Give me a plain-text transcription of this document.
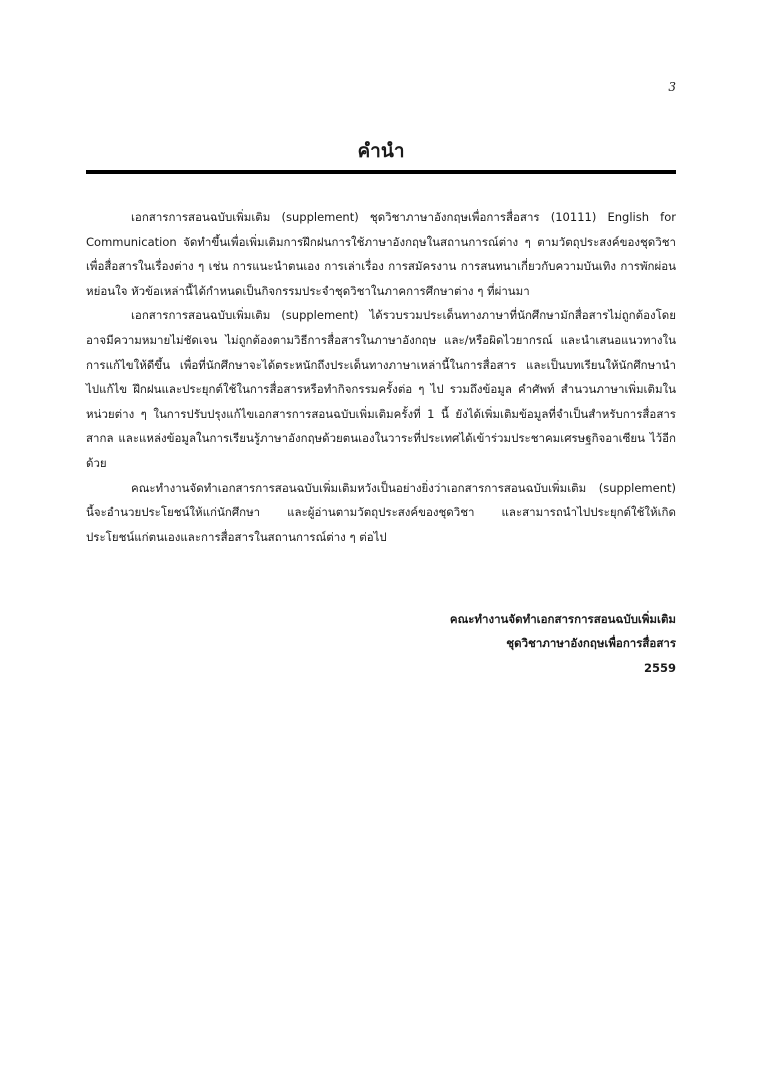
3
คำนำ

เอกสารการสอนฉบับเพิ่มเติม (supplement) ชุดวิชาภาษาอังกฤษเพื่อการสื่อสาร (10111) English for Communication จัดทำขึ้นเพื่อเพิ่มเติมการฝึกฝนการใช้ภาษาอังกฤษในสถานการณ์ต่าง ๆ ตามวัตถุประสงค์ของชุดวิชา เพื่อสื่อสารในเรื่องต่าง ๆ เช่น การแนะนำตนเอง การเล่าเรื่อง การสมัครงาน การสนทนาเกี่ยวกับความบันเทิง การพักผ่อนหย่อนใจ หัวข้อเหล่านี้ได้กำหนดเป็นกิจกรรมประจำชุดวิชาในภาคการศึกษาต่าง ๆ ที่ผ่านมา

เอกสารการสอนฉบับเพิ่มเติม (supplement) ได้รวบรวมประเด็นทางภาษาที่นักศึกษามักสื่อสารไม่ถูกต้องโดยอาจมีความหมายไม่ชัดเจน ไม่ถูกต้องตามวิธีการสื่อสารในภาษาอังกฤษ และ/หรือผิดไวยากรณ์ และนำเสนอแนวทางในการแก้ไขให้ดีขึ้น เพื่อที่นักศึกษาจะได้ตระหนักถึงประเด็นทางภาษาเหล่านี้ในการสื่อสาร และเป็นบทเรียนให้นักศึกษานำไปแก้ไข ฝึกฝนและประยุกต์ใช้ในการสื่อสารหรือทำกิจกรรมครั้งต่อ ๆ ไป รวมถึงข้อมูล คำศัพท์ สำนวนภาษาเพิ่มเติมในหน่วยต่าง ๆ ในการปรับปรุงแก้ไขเอกสารการสอนฉบับเพิ่มเติมครั้งที่ 1 นี้ ยังได้เพิ่มเติมข้อมูลที่จำเป็นสำหรับการสื่อสารสากล และแหล่งข้อมูลในการเรียนรู้ภาษาอังกฤษด้วยตนเองในวาระที่ประเทศได้เข้าร่วมประชาคมเศรษฐกิจอาเซียน ไว้อีกด้วย

คณะทำงานจัดทำเอกสารการสอนฉบับเพิ่มเติมหวังเป็นอย่างยิ่งว่าเอกสารการสอนฉบับเพิ่มเติม (supplement) นี้จะอำนวยประโยชน์ให้แก่นักศึกษา และผู้อ่านตามวัตถุประสงค์ของชุดวิชา และสามารถนำไปประยุกต์ใช้ให้เกิดประโยชน์แก่ตนเองและการสื่อสารในสถานการณ์ต่าง ๆ ต่อไป

คณะทำงานจัดทำเอกสารการสอนฉบับเพิ่มเติม
ชุดวิชาภาษาอังกฤษเพื่อการสื่อสาร
2559
